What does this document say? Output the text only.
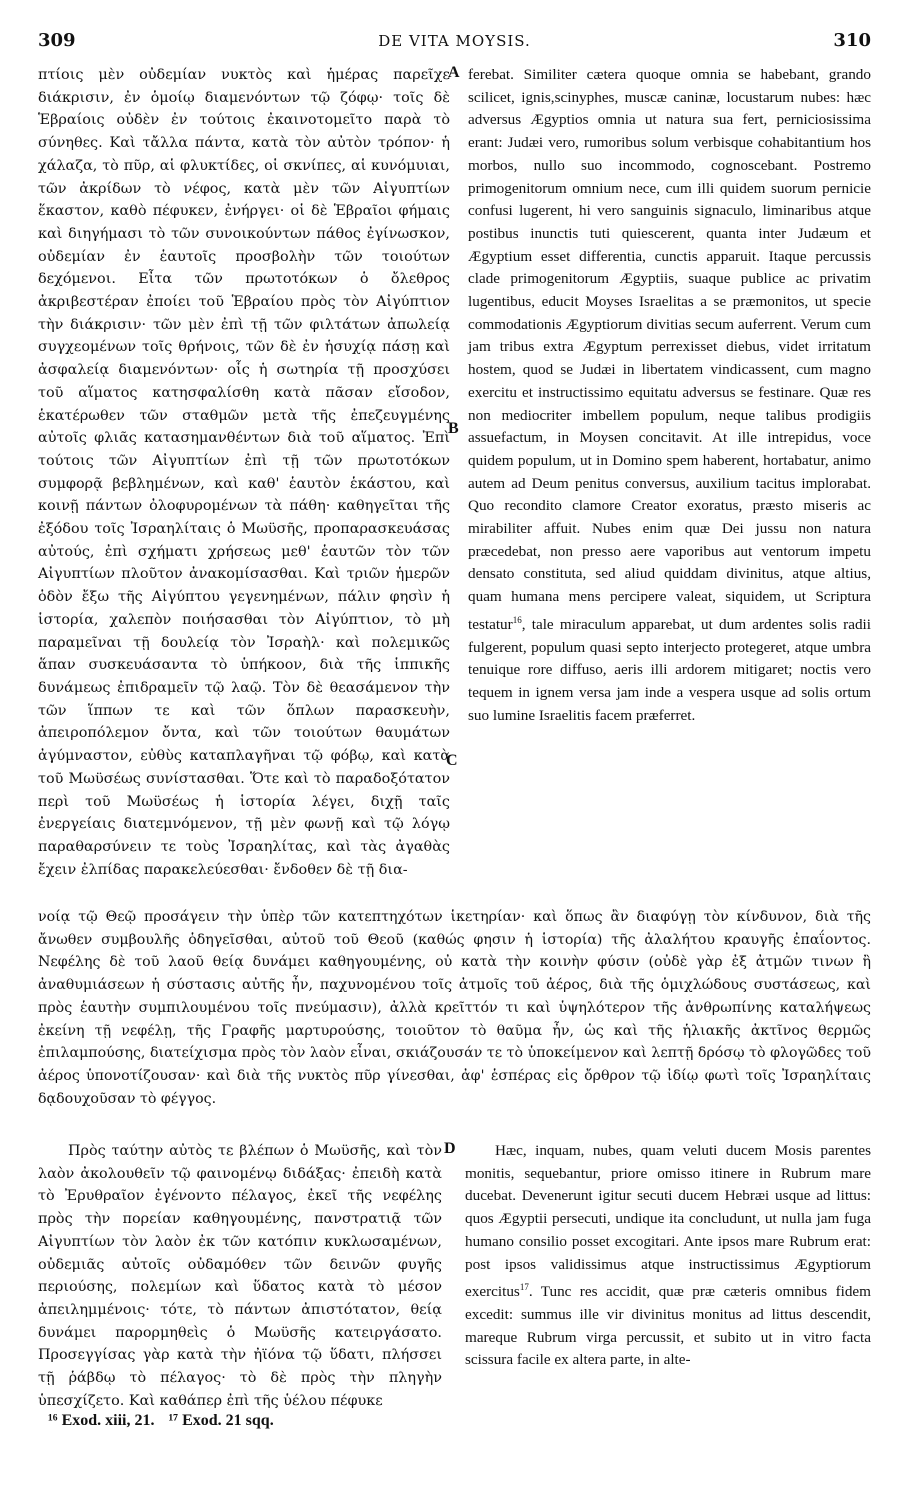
309	DE VITA MOYSIS.	310

πτίοις μὲν οὐδεμίαν νυκτὸς καὶ ἡμέρας παρεῖχε διάκρισιν, ἐν ὁμοίῳ διαμενόντων τῷ ζόφῳ· τοῖς δὲ Ἑβραίοις οὐδὲν ἐν τούτοις ἐκαινοτομεῖτο παρὰ τὸ σύνηθες. Καὶ τἄλλα πάντα, κατὰ τὸν αὐτὸν τρόπον· ἡ χάλαζα, τὸ πῦρ, αἱ φλυκτίδες, οἱ σκνίπες, αἱ κυνόμυιαι, τῶν ἀκρίδων τὸ νέφος, κατὰ μὲν τῶν Αἰγυπτίων ἕκαστον, καθὸ πέφυκεν, ἐνήργει· οἱ δὲ Ἑβραῖοι φήμαις καὶ διηγήμασι τὸ τῶν συνοικούντων πάθος ἐγίνωσκον, οὐδεμίαν ἐν ἑαυτοῖς προσβολὴν τῶν τοιούτων δεχόμενοι. Εἶτα τῶν πρωτοτόκων ὁ ὄλεθρος ἀκριβεστέραν ἐποίει τοῦ Ἑβραίου πρὸς τὸν Αἰγύπτιον τὴν διάκρισιν· τῶν μὲν ἐπὶ τῇ τῶν φιλτάτων ἀπωλείᾳ συγχεομένων τοῖς θρήνοις, τῶν δὲ ἐν ἡσυχίᾳ πάσῃ καὶ ἀσφαλείᾳ διαμενόντων· οἷς ἡ σωτηρία τῇ προσχύσει τοῦ αἵματος κατησφαλίσθη κατὰ πᾶσαν εἴσοδον, ἑκατέρωθεν τῶν σταθμῶν μετὰ τῆς ἐπεζευγμένης αὐτοῖς φλιᾶς κατασημανθέντων διὰ τοῦ αἵματος. Ἐπὶ τούτοις τῶν Αἰγυπτίων ἐπὶ τῇ τῶν πρωτοτόκων συμφορᾷ βεβλημένων, καὶ καθ' ἑαυτὸν ἑκάστου, καὶ κοινῇ πάντων ὀλοφυρομένων τὰ πάθη· καθηγεῖται τῆς ἐξόδου τοῖς Ἰσραηλίταις ὁ Μωϋσῆς, προπαρασκευάσας αὐτούς, ἐπὶ σχήματι χρήσεως μεθ' ἑαυτῶν τὸν τῶν Αἰγυπτίων πλοῦτον ἀνακομίσασθαι. Καὶ τριῶν ἡμερῶν ὁδὸν ἔξω τῆς Αἰγύπτου γεγενημένων, πάλιν φησὶν ἡ ἱστορία, χαλεπὸν ποιήσασθαι τὸν Αἰγύπτιον, τὸ μὴ παραμεῖναι τῇ δουλείᾳ τὸν Ἰσραὴλ· καὶ πολεμικῶς ἅπαν συσκευάσαντα τὸ ὑπήκοον, διὰ τῆς ἱππικῆς δυνάμεως ἐπιδραμεῖν τῷ λαῷ. Τὸν δὲ θεασάμενον τὴν τῶν ἵππων τε καὶ τῶν ὅπλων παρασκευὴν, ἀπειροπόλεμον ὄντα, καὶ τῶν τοιούτων θαυμάτων ἀγύμναστον, εὐθὺς καταπλαγῆναι τῷ φόβῳ, καὶ κατὰ τοῦ Μωϋσέως συνίστασθαι. Ὅτε καὶ τὸ παραδοξότατον περὶ τοῦ Μωϋσέως ἡ ἱστορία λέγει, διχῇ ταῖς ἐνεργείαις διατεμνόμενον, τῇ μὲν φωνῇ καὶ τῷ λόγῳ παραθαρσύνειν τε τοὺς Ἰσραηλίτας, καὶ τὰς ἀγαθὰς ἔχειν ἐλπίδας παρακελεύεσθαι· ἔνδοθεν δὲ τῇ δια-

A
B
C

ferebat. Similiter cætera quoque omnia se habebant, grando scilicet, ignis,scinyphes, muscæ caninæ, locustarum nubes: hæc adversus Ægyptios omnia ut natura sua fert, perniciosissima erant: Judæi vero, rumoribus solum verbisque cohabitantium hos morbos, nullo suo incommodo, cognoscebant. Postremo primogenitorum omnium nece, cum illi quidem suorum pernicie confusi lugerent, hi vero sanguinis signaculo, liminaribus atque postibus inunctis tuti quiescerent, quanta inter Judæum et Ægyptium esset differentia, cunctis apparuit. Itaque percussis clade primogenitorum Ægyptiis, suaque publice ac privatim lugentibus, educit Moyses Israelitas a se præmonitos, ut specie commodationis Ægyptiorum divitias secum auferrent. Verum cum jam tribus extra Ægyptum perrexisset diebus, videt irritatum hostem, quod se Judæi in libertatem vindicassent, cum magno exercitu et instructissimo equitatu adversus se festinare. Quæ res non mediocriter imbellem populum, neque talibus prodigiis assuefactum, in Moysen concitavit. At ille intrepidus, voce quidem populum, ut in Domino spem haberent, hortabatur, animo autem ad Deum penitus conversus, auxilium tacitus implorabat. Quo recondito clamore Creator exoratus, præsto miseris ac mirabiliter affuit. Nubes enim quæ Dei jussu non natura præcedebat, non presso aere vaporibus aut ventorum impetu densato constituta, sed aliud quiddam divinitus, atque altius, quam humana mens percipere valeat, siquidem, ut Scriptura testatur$^{16}$, tale miraculum apparebat, ut dum ardentes solis radii fulgerent, populum quasi septo interjecto protegeret, atque umbra tenuique rore diffuso, aeris illi ardorem mitigaret; noctis vero tequem in ignem versa jam inde a vespera usque ad solis ortum suo lumine Israelitis facem præferret.

νοίᾳ τῷ Θεῷ προσάγειν τὴν ὑπὲρ τῶν κατεπτηχότων ἱκετηρίαν· καὶ ὅπως ἂν διαφύγῃ τὸν κίνδυνον, διὰ τῆς ἄνωθεν συμβουλῆς ὁδηγεῖσθαι, αὐτοῦ τοῦ Θεοῦ (καθώς φησιν ἡ ἱστορία) τῆς ἀλαλήτου κραυγῆς ἐπαΐοντος. Νεφέλης δὲ τοῦ λαοῦ θείᾳ δυνάμει καθηγουμένης, οὐ κατὰ τὴν κοινὴν φύσιν (οὐδὲ γὰρ ἐξ ἀτμῶν τινων ἢ ἀναθυμιάσεων ἡ σύστασις αὐτῆς ἦν, παχυνομένου τοῖς ἀτμοῖς τοῦ ἀέρος, διὰ τῆς ὁμιχλώδους συστάσεως, καὶ πρὸς ἑαυτὴν συμπιλουμένου τοῖς πνεύμασιν), ἀλλὰ κρεῖττόν τι καὶ ὑψηλότερον τῆς ἀνθρωπίνης καταλήψεως ἐκείνη τῇ νεφέλῃ, τῆς Γραφῆς μαρτυρούσης, τοιοῦτον τὸ θαῦμα ἦν, ὡς καὶ τῆς ἡλιακῆς ἀκτῖνος θερμῶς ἐπιλαμπούσης, διατείχισμα πρὸς τὸν λαὸν εἶναι, σκιάζουσάν τε τὸ ὑποκείμενον καὶ λεπτῇ δρόσῳ τὸ φλογῶδες τοῦ ἀέρος ὑπονοτίζουσαν· καὶ διὰ τῆς νυκτὸς πῦρ γίνεσθαι, ἀφ' ἑσπέρας εἰς ὄρθρον τῷ ἰδίῳ φωτὶ τοῖς Ἰσραηλίταις δᾳδουχοῦσαν τὸ φέγγος.

D

Πρὸς ταύτην αὐτὸς τε βλέπων ὁ Μωϋσῆς, καὶ τὸν λαὸν ἀκολουθεῖν τῷ φαινομένῳ διδάξας· ἐπειδὴ κατὰ τὸ Ἐρυθραῖον ἐγένοντο πέλαγος, ἐκεῖ τῆς νεφέλης πρὸς τὴν πορείαν καθηγουμένης, πανστρατιᾷ τῶν Αἰγυπτίων τὸν λαὸν ἐκ τῶν κατόπιν κυκλωσαμένων, οὐδεμιᾶς αὐτοῖς οὐδαμόθεν τῶν δεινῶν φυγῆς περιούσης, πολεμίων καὶ ὕδατος κατὰ τὸ μέσον ἀπειλημμένοις· τότε, τὸ πάντων ἀπιστότατον, θείᾳ δυνάμει παρορμηθεὶς ὁ Μωϋσῆς κατειργάσατο. Προσεγγίσας γὰρ κατὰ τὴν ἠϊόνα τῷ ὕδατι, πλήσσει τῇ ῥάβδῳ τὸ πέλαγος· τὸ δὲ πρὸς τὴν πληγὴν ὑπεσχίζετο. Καὶ καθάπερ ἐπὶ τῆς ὑέλου πέφυκε

Hæc, inquam, nubes, quam veluti ducem Mosis parentes monitis, sequebantur, priore omisso itinere in Rubrum mare ducebat. Devenerunt igitur secuti ducem Hebræi usque ad littus: quos Ægyptii persecuti, undique ita concludunt, ut nulla jam fuga humano consilio posset excogitari. Ante ipsos mare Rubrum erat: post ipsos validissimus atque instructissimus Ægyptiorum exercitus$^{17}$. Tunc res accidit, quæ præ cæteris omnibus fidem excedit: summus ille vir divinitus monitus ad littus descendit, mareque Rubrum virga percussit, et subito ut in vitro facta scissura facile ex altera parte, in alte-

¹⁶ Exod. xiii, 21. ¹⁷ Exod. 21 sqq.
